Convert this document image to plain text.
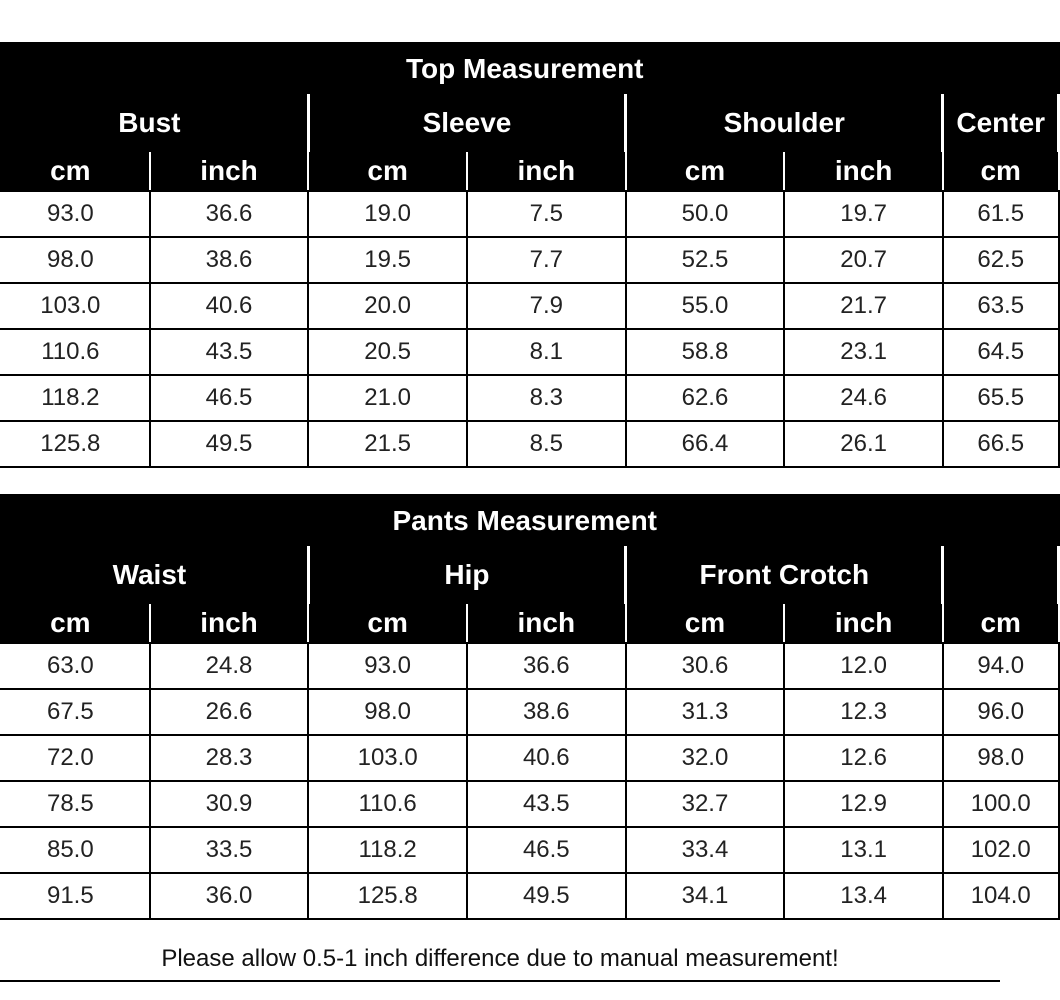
Top Measurement						
Bust		Sleeve		Shoulder		Center
cm	inch	cm	inch	cm	inch	cm
93.0	36.6	19.0	7.5	50.0	19.7	61.5
98.0	38.6	19.5	7.7	52.5	20.7	62.5
103.0	40.6	20.0	7.9	55.0	21.7	63.5
110.6	43.5	20.5	8.1	58.8	23.1	64.5
118.2	46.5	21.0	8.3	62.6	24.6	65.5
125.8	49.5	21.5	8.5	66.4	26.1	66.5
Pants Measurement						
Waist		Hip		Front Crotch		
cm	inch	cm	inch	cm	inch	cm
63.0	24.8	93.0	36.6	30.6	12.0	94.0
67.5	26.6	98.0	38.6	31.3	12.3	96.0
72.0	28.3	103.0	40.6	32.0	12.6	98.0
78.5	30.9	110.6	43.5	32.7	12.9	100.0
85.0	33.5	118.2	46.5	33.4	13.1	102.0
91.5	36.0	125.8	49.5	34.1	13.4	104.0
Please allow 0.5-1 inch difference due to manual measurement!
